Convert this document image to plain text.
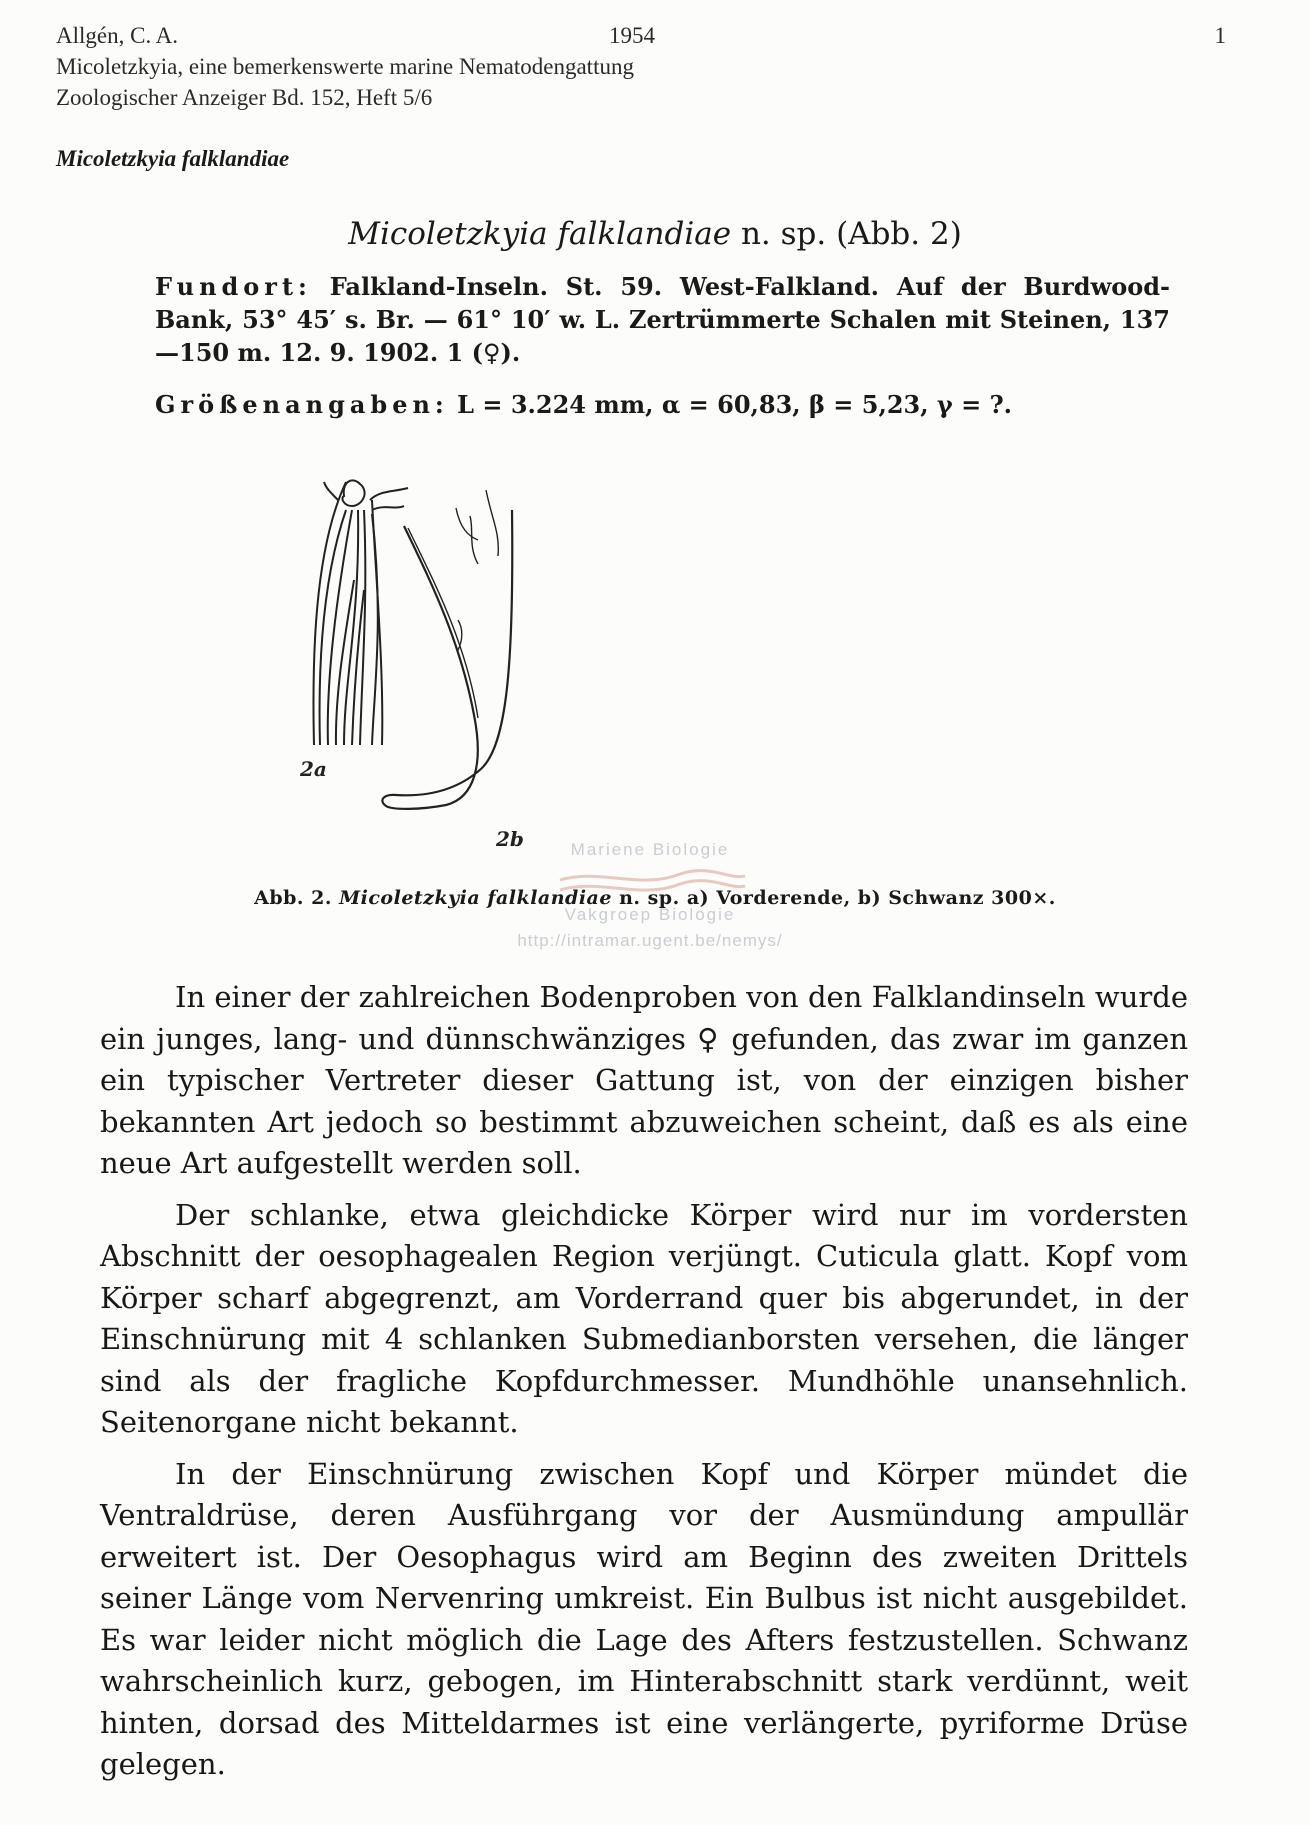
Allgén, C. A.	1954	1
Micoletzkyia, eine bemerkenswerte marine Nematodengattung
Zoologischer Anzeiger Bd. 152, Heft 5/6
Micoletzkyia falklandiae
Micoletzkyia falklandiae n. sp. (Abb. 2)
Fundort: Falkland-Inseln. St. 59. West-Falkland. Auf der Burdwood-Bank, 53° 45′ s. Br. — 61° 10′ w. L. Zertrümmerte Schalen mit Steinen, 137—150 m. 12. 9. 1902. 1 (♀).
Größenangaben: L = 3.224 mm, α = 60,83, β = 5,23, γ = ?.
2a
2b	Mariene Biologie
Vakgroep Biologie
http://intramar.ugent.be/nemys/
Abb. 2. Micoletzkyia falklandiae n. sp. a) Vorderende, b) Schwanz 300×.

In einer der zahlreichen Bodenproben von den Falklandinseln wurde ein junges, lang- und dünnschwänziges ♀ gefunden, das zwar im ganzen ein typischer Vertreter dieser Gattung ist, von der einzigen bisher bekannten Art jedoch so bestimmt abzuweichen scheint, daß es als eine neue Art aufgestellt werden soll.

Der schlanke, etwa gleichdicke Körper wird nur im vordersten Abschnitt der oesophagealen Region verjüngt. Cuticula glatt. Kopf vom Körper scharf abgegrenzt, am Vorderrand quer bis abgerundet, in der Einschnürung mit 4 schlanken Submedianborsten versehen, die länger sind als der fragliche Kopfdurchmesser. Mundhöhle unansehnlich. Seitenorgane nicht bekannt.

In der Einschnürung zwischen Kopf und Körper mündet die Ventraldrüse, deren Ausführgang vor der Ausmündung ampullär erweitert ist. Der Oesophagus wird am Beginn des zweiten Drittels seiner Länge vom Nervenring umkreist. Ein Bulbus ist nicht ausgebildet. Es war leider nicht möglich die Lage des Afters festzustellen. Schwanz wahrscheinlich kurz, gebogen, im Hinterabschnitt stark verdünnt, weit hinten, dorsad des Mitteldarmes ist eine verlängerte, pyriforme Drüse gelegen.
